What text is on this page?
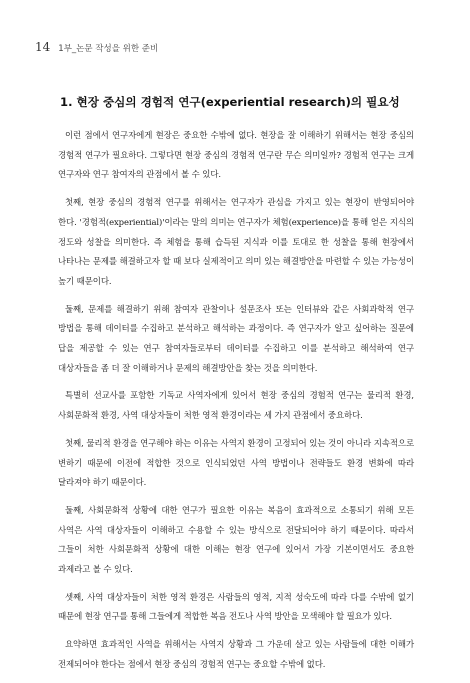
14 1부_논문 작성을 위한 준비
1. 현장 중심의 경험적 연구(experiential research)의 필요성

이런 점에서 연구자에게 현장은 중요한 수밖에 없다. 현장을 잘 이해하기 위해서는 현장 중심의 경험적 연구가 필요하다. 그렇다면 현장 중심의 경험적 연구란 무슨 의미일까? 경험적 연구는 크게 연구자와 연구 참여자의 관점에서 볼 수 있다.

첫째, 현장 중심의 경험적 연구를 위해서는 연구자가 관심을 가지고 있는 현장이 반영되어야 한다. '경험적(experiential)'이라는 말의 의미는 연구자가 체험(experience)을 통해 얻은 지식의 정도와 성찰을 의미한다. 즉 체험을 통해 습득된 지식과 이를 토대로 한 성찰을 통해 현장에서 나타나는 문제를 해결하고자 할 때 보다 실제적이고 의미 있는 해결방안을 마련할 수 있는 가능성이 높기 때문이다.

둘째, 문제를 해결하기 위해 참여자 관찰이나 설문조사 또는 인터뷰와 같은 사회과학적 연구 방법을 통해 데이터를 수집하고 분석하고 해석하는 과정이다. 즉 연구자가 알고 싶어하는 질문에 답을 제공할 수 있는 연구 참여자들로부터 데이터를 수집하고 이를 분석하고 해석하여 연구 대상자들을 좀 더 잘 이해하거나 문제의 해결방안을 찾는 것을 의미한다.

특별히 선교사를 포함한 기독교 사역자에게 있어서 현장 중심의 경험적 연구는 물리적 환경, 사회문화적 환경, 사역 대상자들이 처한 영적 환경이라는 세 가지 관점에서 중요하다.

첫째, 물리적 환경을 연구해야 하는 이유는 사역지 환경이 고정되어 있는 것이 아니라 지속적으로 변하기 때문에 이전에 적합한 것으로 인식되었던 사역 방법이나 전략들도 환경 변화에 따라 달라져야 하기 때문이다.

둘째, 사회문화적 상황에 대한 연구가 필요한 이유는 복음이 효과적으로 소통되기 위해 모든 사역은 사역 대상자들이 이해하고 수용할 수 있는 방식으로 전달되어야 하기 때문이다. 따라서 그들이 처한 사회문화적 상황에 대한 이해는 현장 연구에 있어서 가장 기본이면서도 중요한 과제라고 볼 수 있다.

셋째, 사역 대상자들이 처한 영적 환경은 사람들의 영적, 지적 성숙도에 따라 다를 수밖에 없기 때문에 현장 연구를 통해 그들에게 적합한 복음 전도나 사역 방안을 모색해야 할 필요가 있다.

요약하면 효과적인 사역을 위해서는 사역지 상황과 그 가운데 살고 있는 사람들에 대한 이해가 전제되어야 한다는 점에서 현장 중심의 경험적 연구는 중요할 수밖에 없다.
